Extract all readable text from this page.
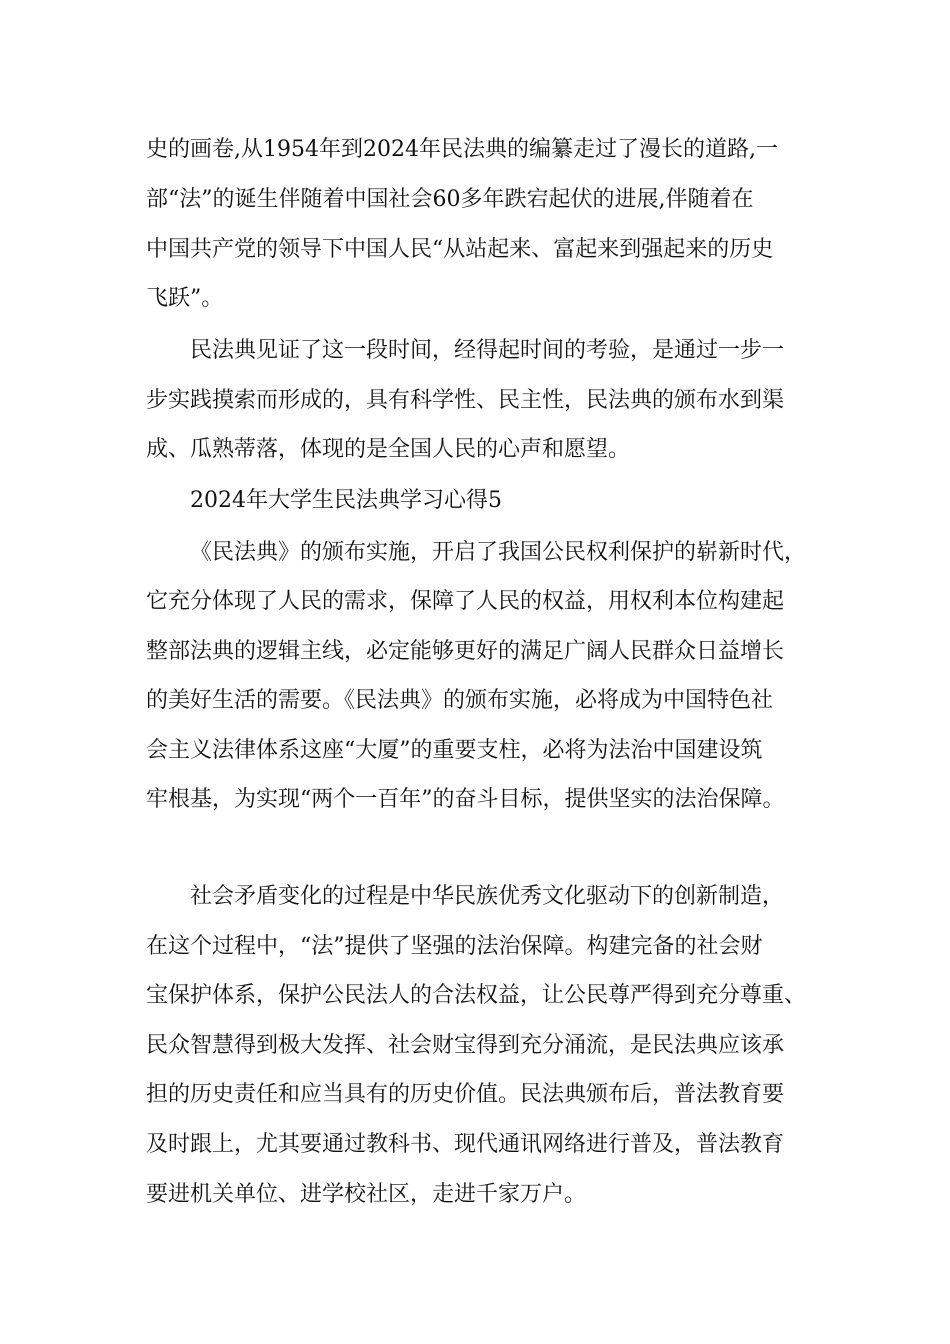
史的画卷,从1954年到2024年民法典的编纂走过了漫长的道路,一
部“法”的诞生伴随着中国社会60多年跌宕起伏的进展,伴随着在
中国共产党的领导下中国人民“从站起来、富起来到强起来的历史
飞跃”。
民法典见证了这一段时间，经得起时间的考验，是通过一步一
步实践摸索而形成的，具有科学性、民主性，民法典的颁布水到渠
成、瓜熟蒂落，体现的是全国人民的心声和愿望。
2024年大学生民法典学习心得5
《民法典》的颁布实施，开启了我国公民权利保护的崭新时代，
它充分体现了人民的需求，保障了人民的权益，用权利本位构建起
整部法典的逻辑主线，必定能够更好的满足广阔人民群众日益增长
的美好生活的需要。《民法典》的颁布实施，必将成为中国特色社
会主义法律体系这座“大厦”的重要支柱，必将为法治中国建设筑
牢根基，为实现“两个一百年”的奋斗目标，提供坚实的法治保障。
社会矛盾变化的过程是中华民族优秀文化驱动下的创新制造，
在这个过程中，“法”提供了坚强的法治保障。构建完备的社会财
宝保护体系，保护公民法人的合法权益，让公民尊严得到充分尊重、
民众智慧得到极大发挥、社会财宝得到充分涌流，是民法典应该承
担的历史责任和应当具有的历史价值。民法典颁布后，普法教育要
及时跟上，尤其要通过教科书、现代通讯网络进行普及，普法教育
要进机关单位、进学校社区，走进千家万户。
